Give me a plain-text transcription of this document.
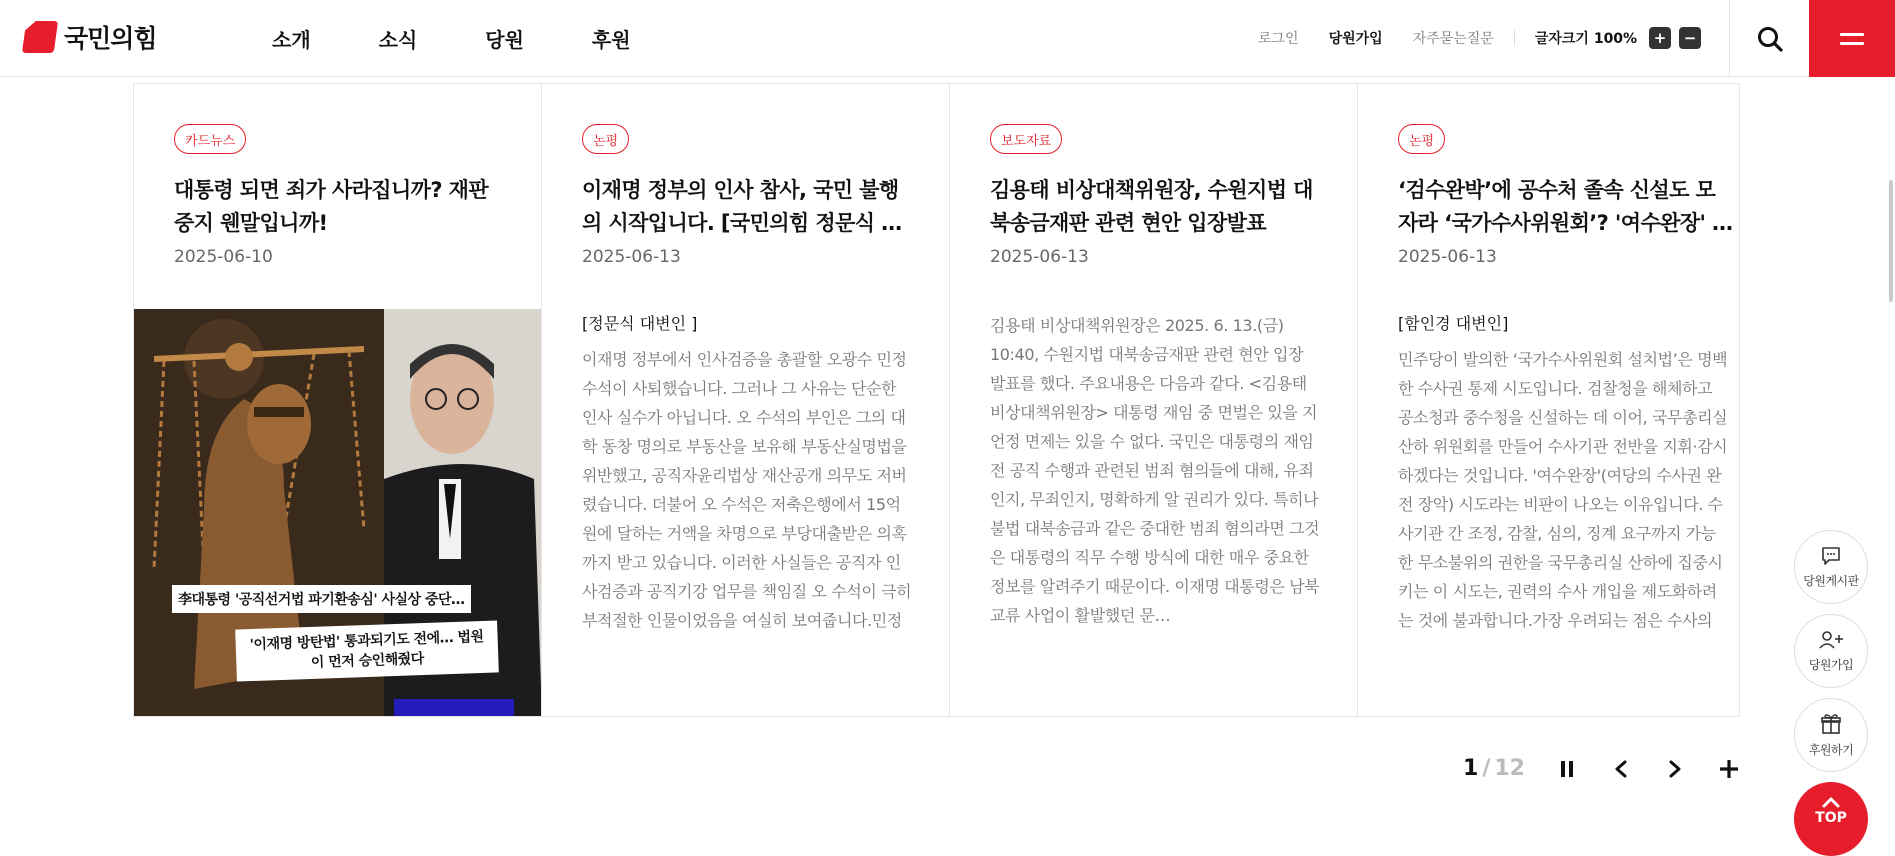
국민의힘	소개	소식	당원	후원	로그인 당원가입 자주묻는질문	글자크기 100%	+	−
카드뉴스
대통령 되면 죄가 사라집니까? 재판 중지 웬말입니까!
2025-06-10
李대통령 '공직선거법 파기환송심' 사실상 중단…
'이재명 방탄법' 통과되기도 전에… 법원이 먼저 승인해줬다
논평
이재명 정부의 인사 참사, 국민 불행의 시작입니다. [국민의힘 정문식 대
2025-06-13
[정문식 대변인 ]
이재명 정부에서 인사검증을 총괄할 오광수 민정수석이 사퇴했습니다. 그러나 그 사유는 단순한 인사 실수가 아닙니다. 오 수석의 부인은 그의 대학 동창 명의로 부동산을 보유해 부동산실명법을 위반했고, 공직자윤리법상 재산공개 의무도 저버렸습니다. 더불어 오 수석은 저축은행에서 15억 원에 달하는 거액을 차명으로 부당대출받은 의혹까지 받고 있습니다. 이러한 사실들은 공직자 인사검증과 공직기강 업무를 책임질 오 수석이 극히 부적절한 인물이었음을 여실히 보여줍니다.민정
보도자료
김용태 비상대책위원장, 수원지법 대북송금재판 관련 현안 입장발표
2025-06-13
김용태 비상대책위원장은 2025. 6. 13.(금) 10:40, 수원지법 대북송금재판 관련 현안 입장 발표를 했다. 주요내용은 다음과 같다. <김용태 비상대책위원장> 대통령 재임 중 면벌은 있을 지언정 면제는 있을 수 없다. 국민은 대통령의 재임 전 공직 수행과 관련된 범죄 혐의들에 대해, 유죄인지, 무죄인지, 명확하게 알 권리가 있다. 특히나 불법 대북송금과 같은 중대한 범죄 혐의라면 그것은 대통령의 직무 수행 방식에 대한 매우 중요한 정보를 알려주기 때문이다. 이재명 대통령은 남북 교류 사업이 활발했던 문…
논평
‘검수완박’에 공수처 졸속 신설도 모자라 ‘국가수사위원회’? '여수완장' 노
2025-06-13
[함인경 대변인]
민주당이 발의한 ‘국가수사위원회 설치법’은 명백한 수사권 통제 시도입니다. 검찰청을 해체하고 공소청과 중수청을 신설하는 데 이어, 국무총리실 산하 위원회를 만들어 수사기관 전반을 지휘·감시하겠다는 것입니다. '여수완장'(여당의 수사권 완전 장악) 시도라는 비판이 나오는 이유입니다. 수사기관 간 조정, 감찰, 심의, 징계 요구까지 가능한 무소불위의 권한을 국무총리실 산하에 집중시키는 이 시도는, 권력의 수사 개입을 제도화하려는 것에 불과합니다.가장 우려되는 점은 수사의
1 / 12
당원게시판
당원가입
후원하기
TOP
